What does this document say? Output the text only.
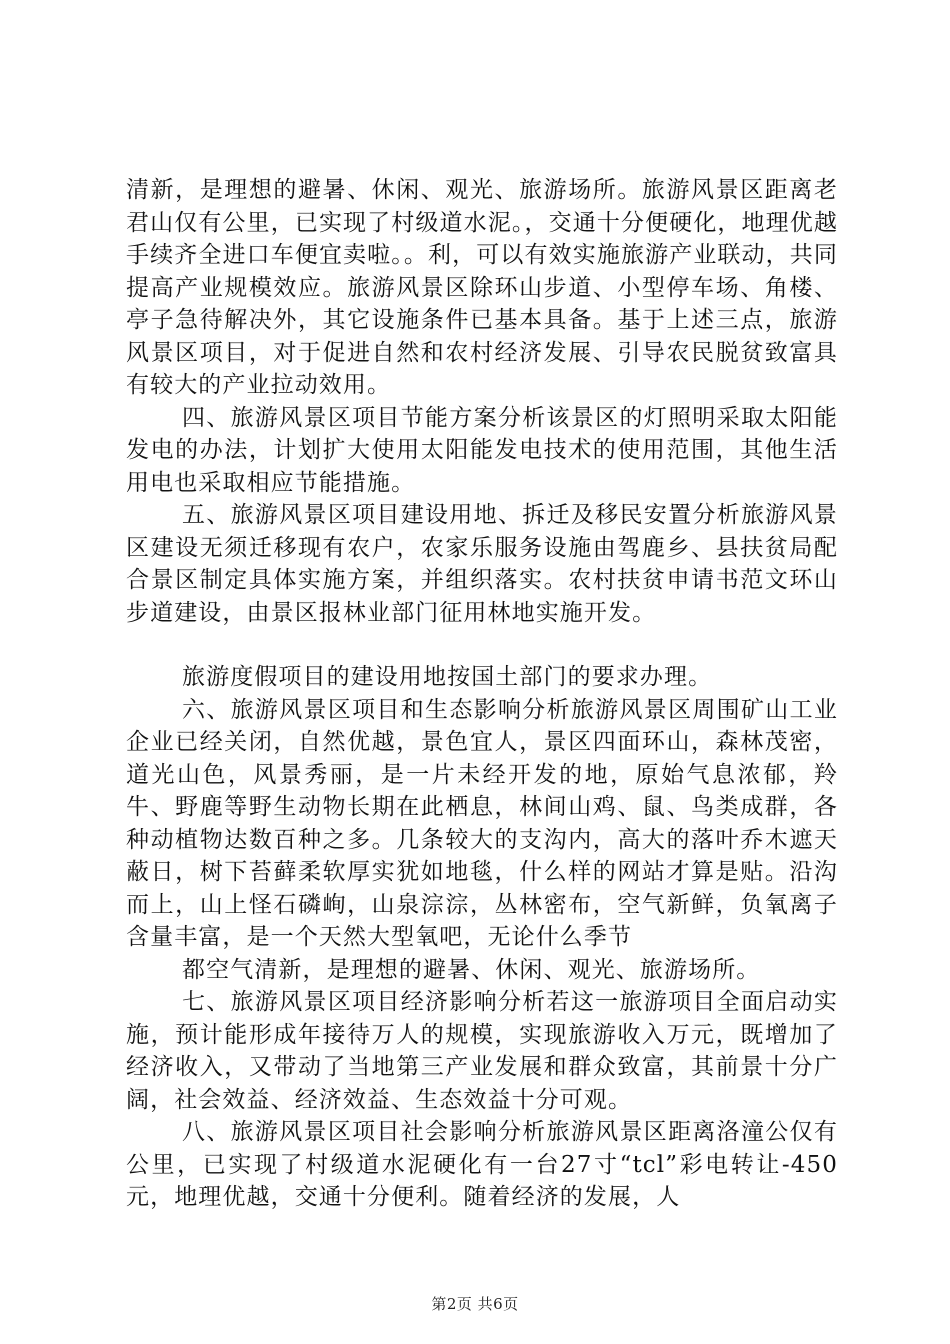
清新，是理想的避暑、休闲、观光、旅游场所。旅游风景区距离老君山仅有公里，已实现了村级道水泥。，交通十分便硬化，地理优越手续齐全进口车便宜卖啦。。利，可以有效实施旅游产业联动，共同提高产业规模效应。旅游风景区除环山步道、小型停车场、角楼、亭子急待解决外，其它设施条件已基本具备。基于上述三点，旅游风景区项目，对于促进自然和农村经济发展、引导农民脱贫致富具有较大的产业拉动效用。

四、旅游风景区项目节能方案分析该景区的灯照明采取太阳能发电的办法，计划扩大使用太阳能发电技术的使用范围，其他生活用电也采取相应节能措施。

五、旅游风景区项目建设用地、拆迁及移民安置分析旅游风景区建设无须迁移现有农户，农家乐服务设施由驾鹿乡、县扶贫局配合景区制定具体实施方案，并组织落实。农村扶贫申请书范文环山步道建设，由景区报林业部门征用林地实施开发。

旅游度假项目的建设用地按国土部门的要求办理。

六、旅游风景区项目和生态影响分析旅游风景区周围矿山工业企业已经关闭，自然优越，景色宜人，景区四面环山，森林茂密，道光山色，风景秀丽，是一片未经开发的地，原始气息浓郁，羚牛、野鹿等野生动物长期在此栖息，林间山鸡、鼠、鸟类成群，各种动植物达数百种之多。几条较大的支沟内，高大的落叶乔木遮天蔽日，树下苔藓柔软厚实犹如地毯，什么样的网站才算是贴。沿沟而上，山上怪石磷峋，山泉淙淙，丛林密布，空气新鲜，负氧离子含量丰富，是一个天然大型氧吧，无论什么季节

都空气清新，是理想的避暑、休闲、观光、旅游场所。

七、旅游风景区项目经济影响分析若这一旅游项目全面启动实施，预计能形成年接待万人的规模，实现旅游收入万元，既增加了经济收入，又带动了当地第三产业发展和群众致富，其前景十分广阔，社会效益、经济效益、生态效益十分可观。

八、旅游风景区项目社会影响分析旅游风景区距离洛潼公仅有公里，已实现了村级道水泥硬化有一台27寸“tcl”彩电转让-450元，地理优越，交通十分便利。随着经济的发展，人

第2页 共6页
